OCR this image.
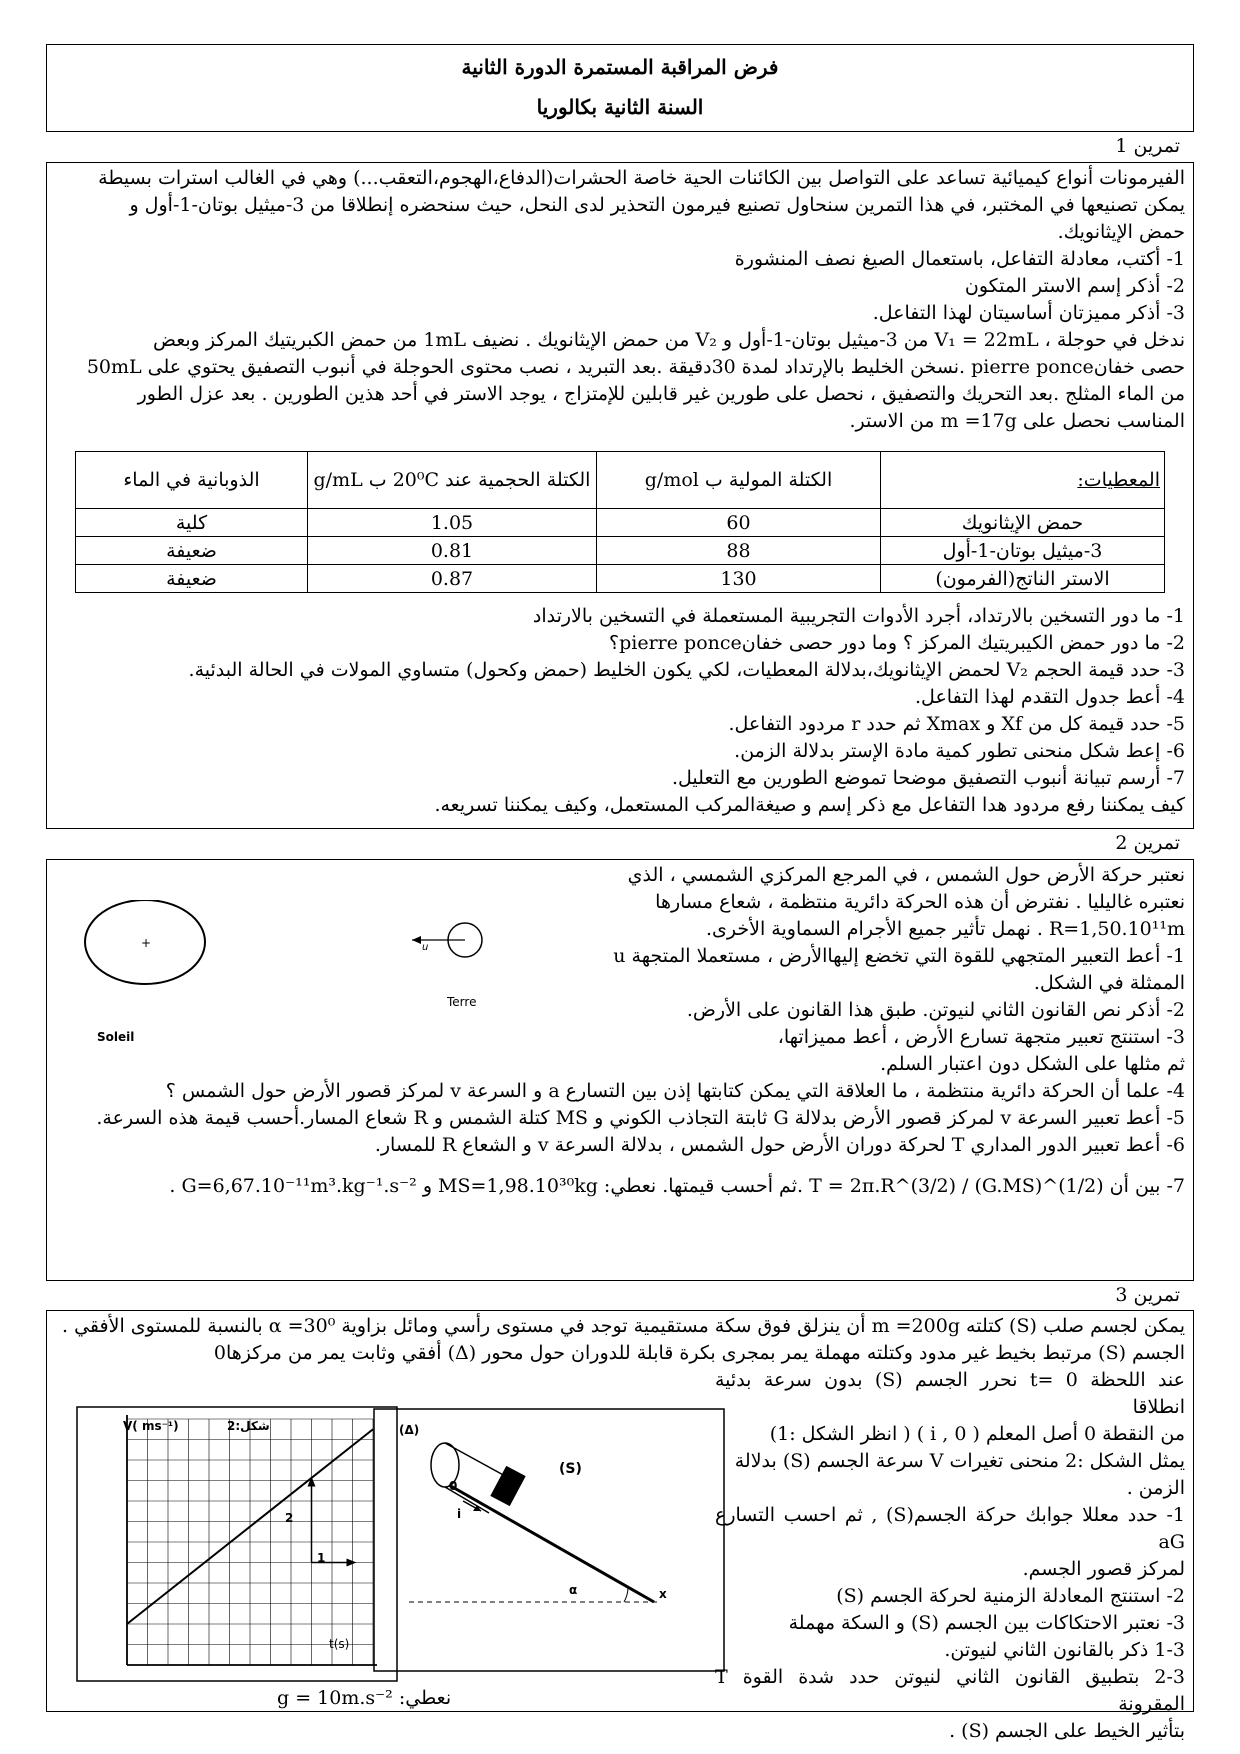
فرض المراقبة المستمرة الدورة الثانية
السنة الثانية بكالوريا
تمرين 1

الفيرمونات أنواع كيميائية تساعد على التواصل بين الكائنات الحية خاصة الحشرات(الدفاع،الهجوم،التعقب...) وهي في الغالب استرات بسيطة

يمكن تصنيعها في المختبر، في هذا التمرين سنحاول تصنيع فيرمون التحذير لدى النحل، حيث سنحضره إنطلاقا من 3-ميثيل بوتان-1-أول و

حمض الإيثانويك.

1- أكتب، معادلة التفاعل، باستعمال الصيغ نصف المنشورة

2- أذكر إسم الاستر المتكون

3- أذكر مميزتان أساسيتان لهذا التفاعل.

ندخل في حوجلة ، V₁ = 22mL من 3-ميثيل بوتان-1-أول و V₂ من حمض الإيثانويك . نضيف 1mL من حمض الكبريتيك المركز وبعض

حصى خفانpierre ponce .نسخن الخليط بالإرتداد لمدة 30دقيقة .بعد التبريد ، نصب محتوى الحوجلة في أنبوب التصفيق يحتوي على 50mL

من الماء المثلج .بعد التحريك والتصفيق ، نحصل على طورين غير قابلين للإمتزاج ، يوجد الاستر في أحد هذين الطورين . بعد عزل الطور

المناسب نحصل على m =17g من الاستر.

المعطيات:	الكتلة المولية ب g/mol	الكتلة الحجمية عند 20⁰C ب g/mL	الذوبانية في الماء
حمض الإيثانويك	60	1.05	كلية
3-ميثيل بوتان-1-أول	88	0.81	ضعيفة
الاستر الناتج(الفرمون)	130	0.87	ضعيفة

1- ما دور التسخين بالارتداد، أجرد الأدوات التجريبية المستعملة في التسخين بالارتداد

2- ما دور حمض الكيبريتيك المركز ؟ وما دور حصى خفانpierre ponce؟

3- حدد قيمة الحجم V₂ لحمض الإيثانويك،بدلالة المعطيات، لكي يكون الخليط (حمض وكحول) متساوي المولات في الحالة البدئية.

4- أعط جدول التقدم لهذا التفاعل.

5- حدد قيمة كل من Xf و Xmax ثم حدد r مردود التفاعل.

6- إعط شكل منحنى تطور كمية مادة الإستر بدلالة الزمن.

7- أرسم تبيانة أنبوب التصفيق موضحا تموضع الطورين مع التعليل.

كيف يمكننا رفع مردود هدا التفاعل مع ذكر إسم و صيغةالمركب المستعمل، وكيف يمكننا تسريعه.

تمرين 2

نعتبر حركة الأرض حول الشمس ، في المرجع المركزي الشمسي ، الذي

نعتبره غاليليا . نفترض أن هذه الحركة دائرية منتظمة ، شعاع مسارها

R=1,50.10¹¹m . نهمل تأثير جميع الأجرام السماوية الأخرى.

1- أعط التعبير المتجهي للقوة التي تخضع إليهاالأرض ، مستعملا المتجهة u

الممثلة في الشكل.

2- أذكر نص القانون الثاني لنيوتن. طبق هذا القانون على الأرض.

3- استنتج تعبير متجهة تسارع الأرض ، أعط مميزاتها،

ثم مثلها على الشكل دون اعتبار السلم.

4- علما أن الحركة دائرية منتظمة ، ما العلاقة التي يمكن كتابتها إذن بين التسارع a و السرعة v لمركز قصور الأرض حول الشمس ؟

5- أعط تعبير السرعة v لمركز قصور الأرض بدلالة G ثابتة التجاذب الكوني و MS كتلة الشمس و R شعاع المسار.أحسب قيمة هذه السرعة.

6- أعط تعبير الدور المداري T لحركة دوران الأرض حول الشمس ، بدلالة السرعة v و الشعاع R للمسار.

7- بين أن T = 2π.R^(3/2) / (G.MS)^(1/2) .ثم أحسب قيمتها. نعطي: MS=1,98.10³⁰kg و G=6,67.10⁻¹¹m³.kg⁻¹.s⁻² .

+
Soleil
Terre
u
تمرين 3

يمكن لجسم صلب (S) كتلته m =200g أن ينزلق فوق سكة مستقيمية توجد في مستوى رأسي ومائل بزاوية α =30⁰ بالنسبة للمستوى الأفقي .

الجسم (S) مرتبط بخيط غير مدود وكتلته مهملة يمر بمجرى بكرة قابلة للدوران حول محور (Δ) أفقي وثابت يمر من مركزها0

عند اللحظة t= 0 نحرر الجسم (S) بدون سرعة بدئية انطلاقا

من النقطة 0 أصل المعلم ( 0 , i ) ( انظر الشكل :1)

يمثل الشكل :2 منحنى تغيرات V سرعة الجسم (S) بدلالة

الزمن .

1- حدد معللا جوابك حركة الجسم(S) , ثم احسب التسارع aG

لمركز قصور الجسم.

2- استنتج المعادلة الزمنية لحركة الجسم (S)

3- نعتبر الاحتكاكات بين الجسم (S) و السكة مهملة

1-3 ذكر بالقانون الثاني لنيوتن.

2-3 بتطبيق القانون الثاني لنيوتن حدد شدة القوة T المقرونة

بتأثير الخيط على الجسم (S) .

V( ms⁻¹)	شكل:2
t(s)
2
1
(Δ)
(S)
0
i
α	x
نعطي: g = 10m.s⁻²
